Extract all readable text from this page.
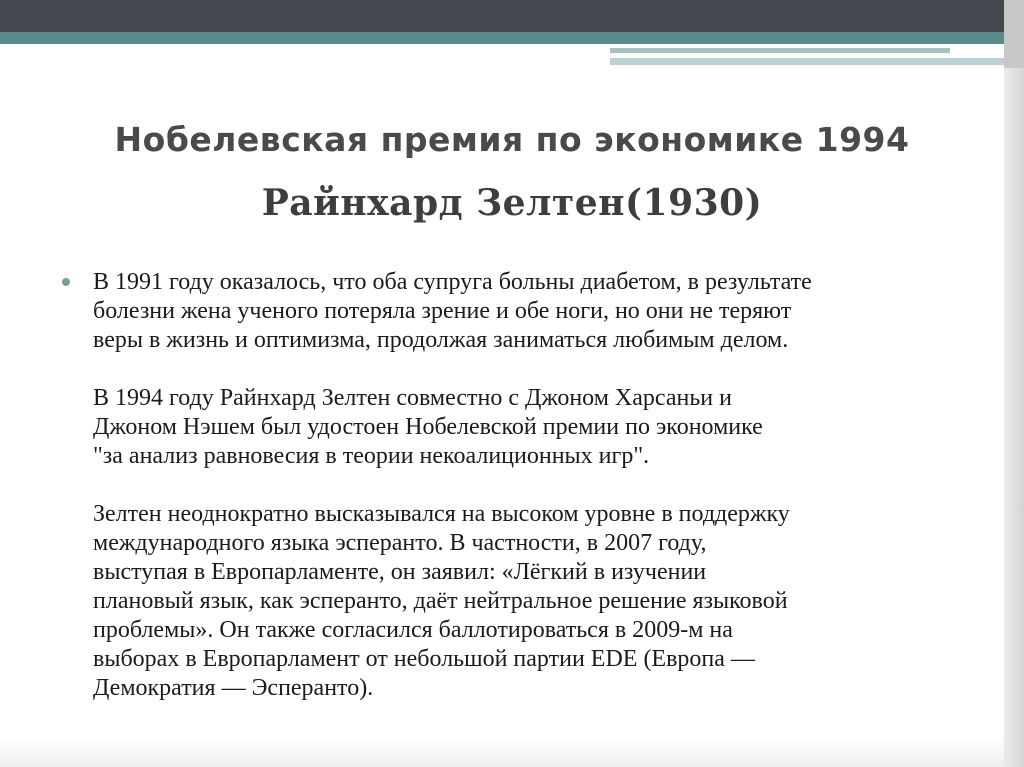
Нобелевская премия по экономике 1994
Райнхард Зелтен(1930)

В 1991 году оказалось, что оба супруга больны диабетом, в результате
болезни жена ученого потеряла зрение и обе ноги, но они не теряют
веры в жизнь и оптимизма, продолжая заниматься любимым делом.

В 1994 году Райнхард Зелтен совместно с Джоном Харсаньи и
Джоном Нэшем был удостоен Нобелевской премии по экономике
"за анализ равновесия в теории некоалиционных игр".

Зелтен неоднократно высказывался на высоком уровне в поддержку
международного языка эсперанто. В частности, в 2007 году,
выступая в Европарламенте, он заявил: «Лёгкий в изучении
плановый язык, как эсперанто, даёт нейтральное решение языковой
проблемы». Он также согласился баллотироваться в 2009-м на
выборах в Европарламент от небольшой партии EDE (Европа —
Демократия — Эсперанто).
